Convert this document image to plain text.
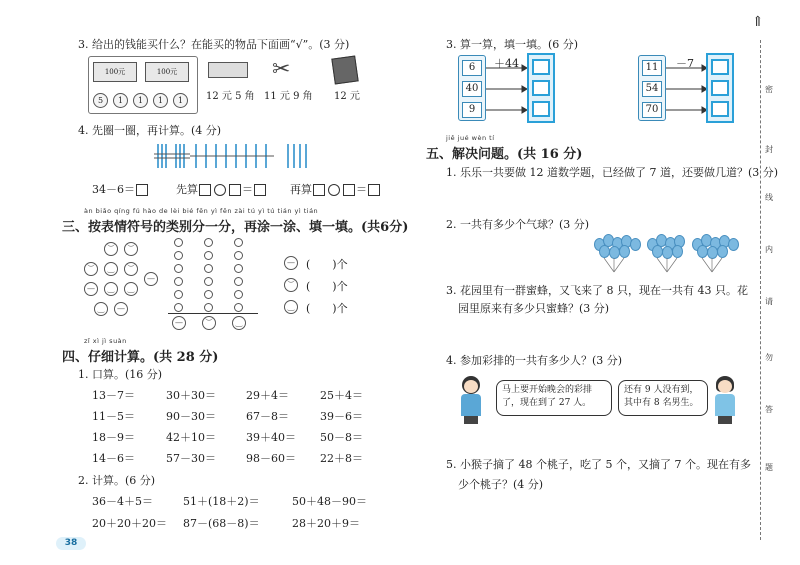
3. 给出的钱能买什么？在能买的物品下面画“√”。(3 分)
100元	100元
5	1	1	1	1
✂
12 元 5 角 11 元 9 角 12 元
4. 先圈一圈，再计算。(4 分)
34－6＝	先算	＝	再算	＝
àn biǎo qíng fú hào de lèi bié fēn yì fēn zài tú yì tú tián yì tián
三、按表情符号的类别分一分，再涂一涂、填一填。(共6分)
︶	︶
︶	‿	︶
—	‿	‿
—
‿	—
—	︶	‿
— (　　)个
︶ (　　)个
‿	(　　)个
zǐ xì jì suàn
四、仔细计算。(共 28 分)
1. 口算。(16 分)
13－7＝	30＋30＝	29＋4＝	25＋4＝
11－5＝	90－30＝	67－8＝	39－6＝
18－9＝	42＋10＝	39＋40＝ 50－8＝
14－6＝	57－30＝	98－60＝ 22＋8＝
2. 计算。(6 分)
36－4＋5＝	51＋(18＋2)＝	50＋48－90＝
20＋20＋20＝ 87－(68－8)＝	28＋20＋9＝
38
3. 算一算，填一填。(6 分)
6
40
9
＋44	11
54
70
－7
jiě jué wèn tí
五、解决问题。(共 16 分)
1. 乐乐一共要做 12 道数学题，已经做了 7 道，还要做几道？(3 分)
2. 一共有多少个气球？(3 分)
3. 花园里有一群蜜蜂，又飞来了 8 只，现在一共有 43 只。花
园里原来有多少只蜜蜂？(3 分)
4. 参加彩排的一共有多少人？(3 分)
马上要开始晚会的彩排
了，现在到了 27 人。
还有 9 人没有到，
其中有 8 名男生。
5. 小猴子摘了 48 个桃子，吃了 5 个，又摘了 7 个。现在有多
少个桃子？(4 分)
⇑
密
封
线
内
请
勿
答
题
